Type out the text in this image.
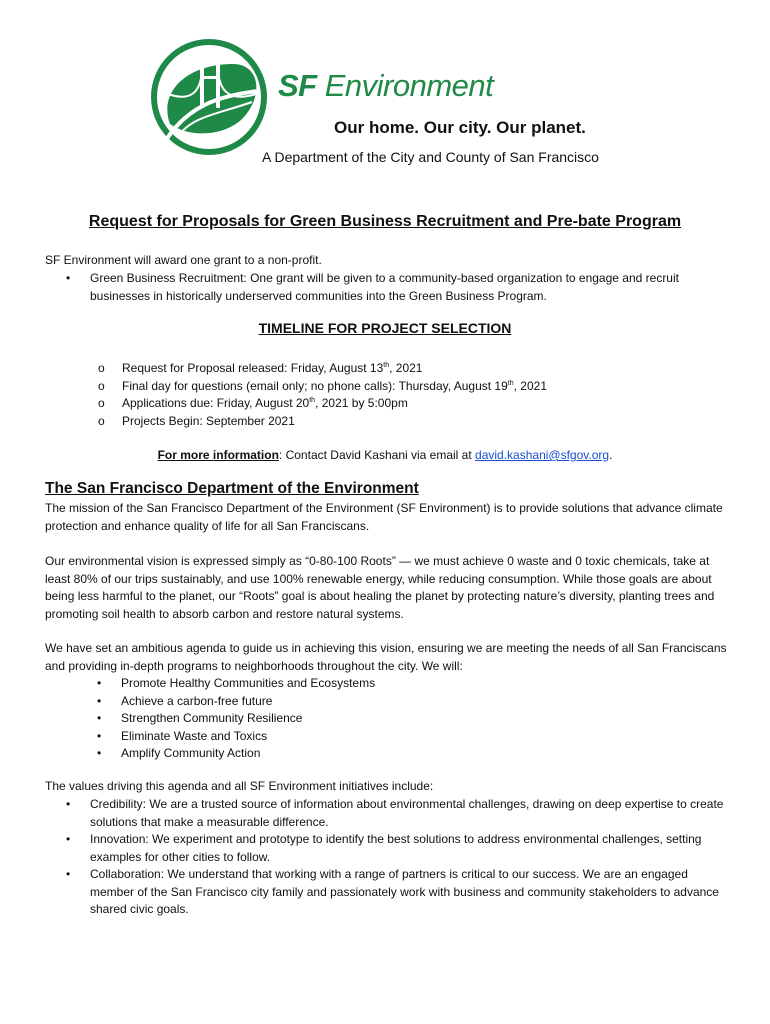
SF Environment
Our home. Our city. Our planet.
A Department of the City and County of San Francisco
Request for Proposals for Green Business Recruitment and Pre-bate Program
SF Environment will award one grant to a non-profit.
• Green Business Recruitment: One grant will be given to a community-based organization to engage and recruit businesses in historically underserved communities into the Green Business Program.
TIMELINE FOR PROJECT SELECTION
o Request for Proposal released: Friday, August 13th, 2021
o Final day for questions (email only; no phone calls): Thursday, August 19th, 2021
o Applications due: Friday, August 20th, 2021 by 5:00pm
o Projects Begin: September 2021
For more information: Contact David Kashani via email at david.kashani@sfgov.org.
The San Francisco Department of the Environment
The mission of the San Francisco Department of the Environment (SF Environment) is to provide solutions that advance climate protection and enhance quality of life for all San Franciscans.
Our environmental vision is expressed simply as “0-80-100 Roots” — we must achieve 0 waste and 0 toxic chemicals, take at least 80% of our trips sustainably, and use 100% renewable energy, while reducing consumption. While those goals are about being less harmful to the planet, our “Roots” goal is about healing the planet by protecting nature’s diversity, planting trees and promoting soil health to absorb carbon and restore natural systems.
We have set an ambitious agenda to guide us in achieving this vision, ensuring we are meeting the needs of all San Franciscans and providing in-depth programs to neighborhoods throughout the city. We will:
• Promote Healthy Communities and Ecosystems
• Achieve a carbon-free future
• Strengthen Community Resilience
• Eliminate Waste and Toxics
• Amplify Community Action
The values driving this agenda and all SF Environment initiatives include:
• Credibility: We are a trusted source of information about environmental challenges, drawing on deep expertise to create solutions that make a measurable difference.
• Innovation: We experiment and prototype to identify the best solutions to address environmental challenges, setting examples for other cities to follow.
• Collaboration: We understand that working with a range of partners is critical to our success. We are an engaged member of the San Francisco city family and passionately work with business and community stakeholders to advance shared civic goals.
